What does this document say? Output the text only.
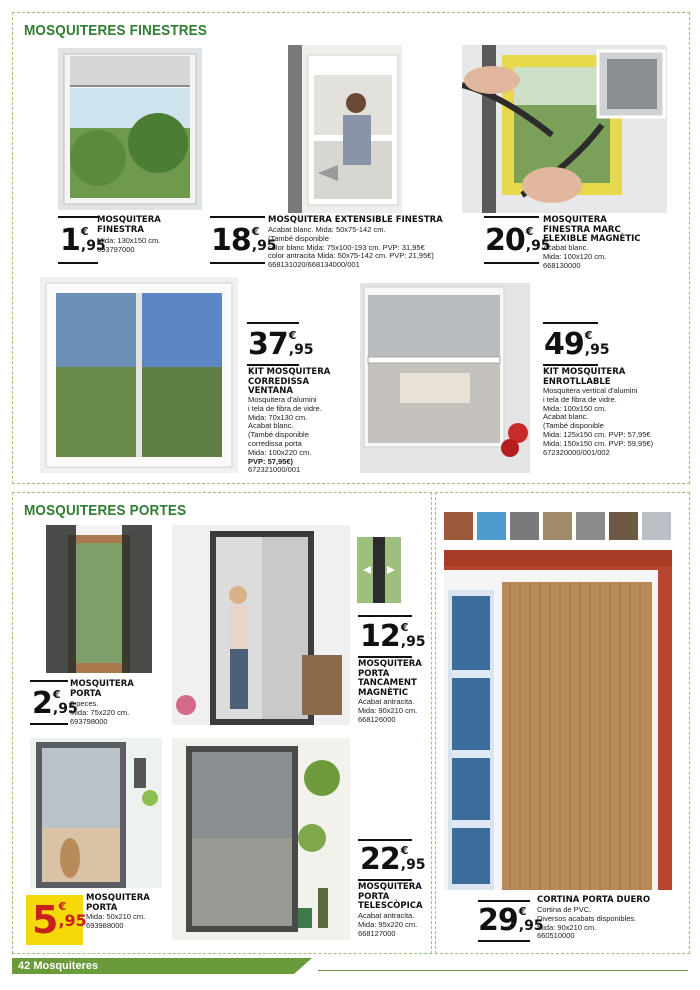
MOSQUITERES FINESTRES
1 €
,95
MOSQUITERA FINESTRA
Mida: 130x150 cm.
693797000	18 €
,95
MOSQUITERA EXTENSIBLE FINESTRA
Acabat blanc. Mida: 50x75-142 cm.
(També disponible
color blanc Mida: 75x100-193 cm. PVP: 31,95€
color antracita Mida: 50x75-142 cm. PVP: 21,95€)
668131020/668134000/001
20 €
,95
MOSQUITERA FINESTRA MARC FLEXIBLE MAGNÈTIC
Acabat blanc.
Mida: 100x120 cm.
668130000
37 €
,95
KIT MOSQUITERA CORREDISSA VENTANA
Mosquitera d'alumini
i tela de fibra de vidre.
Mida: 70x130 cm.
Acabat blanc.
(També disponible
corredissa porta
Mida: 100x220 cm.
PVP: 57,95€)
672321000/001
49 €
,95
KIT MOSQUITERA ENROTLLABLE
Mosquitera vertical d'alumini
i tela de fibra de vidre.
Mida: 100x150 cm.
Acabat blanc.
(També disponible
Mida: 125x150 cm. PVP: 57,95€
Mida: 150x150 cm. PVP: 59,95€)
672320000/001/002
MOSQUITERES PORTES
2 €
,95
MOSQUITERA PORTA
2 peces.
Mida: 75x220 cm.
693798000
12 €
,95
MOSQUITERA PORTA TANCAMENT MAGNÈTIC
Acabat antracita.
Mida: 90x210 cm.
668126000
5 €
,95
MOSQUITERA PORTA
Mida: 50x210 cm.
693988000
22 €
,95
MOSQUITERA PORTA TELESCÒPICA
Acabat antracita.
Mida: 95x220 cm.
668127000	29 €
,95
CORTINA PORTA DUERO
Cortina de PVC.
Diversos acabats disponibles.
Mida: 90x210 cm.
660510000
42 Mosquiteres
